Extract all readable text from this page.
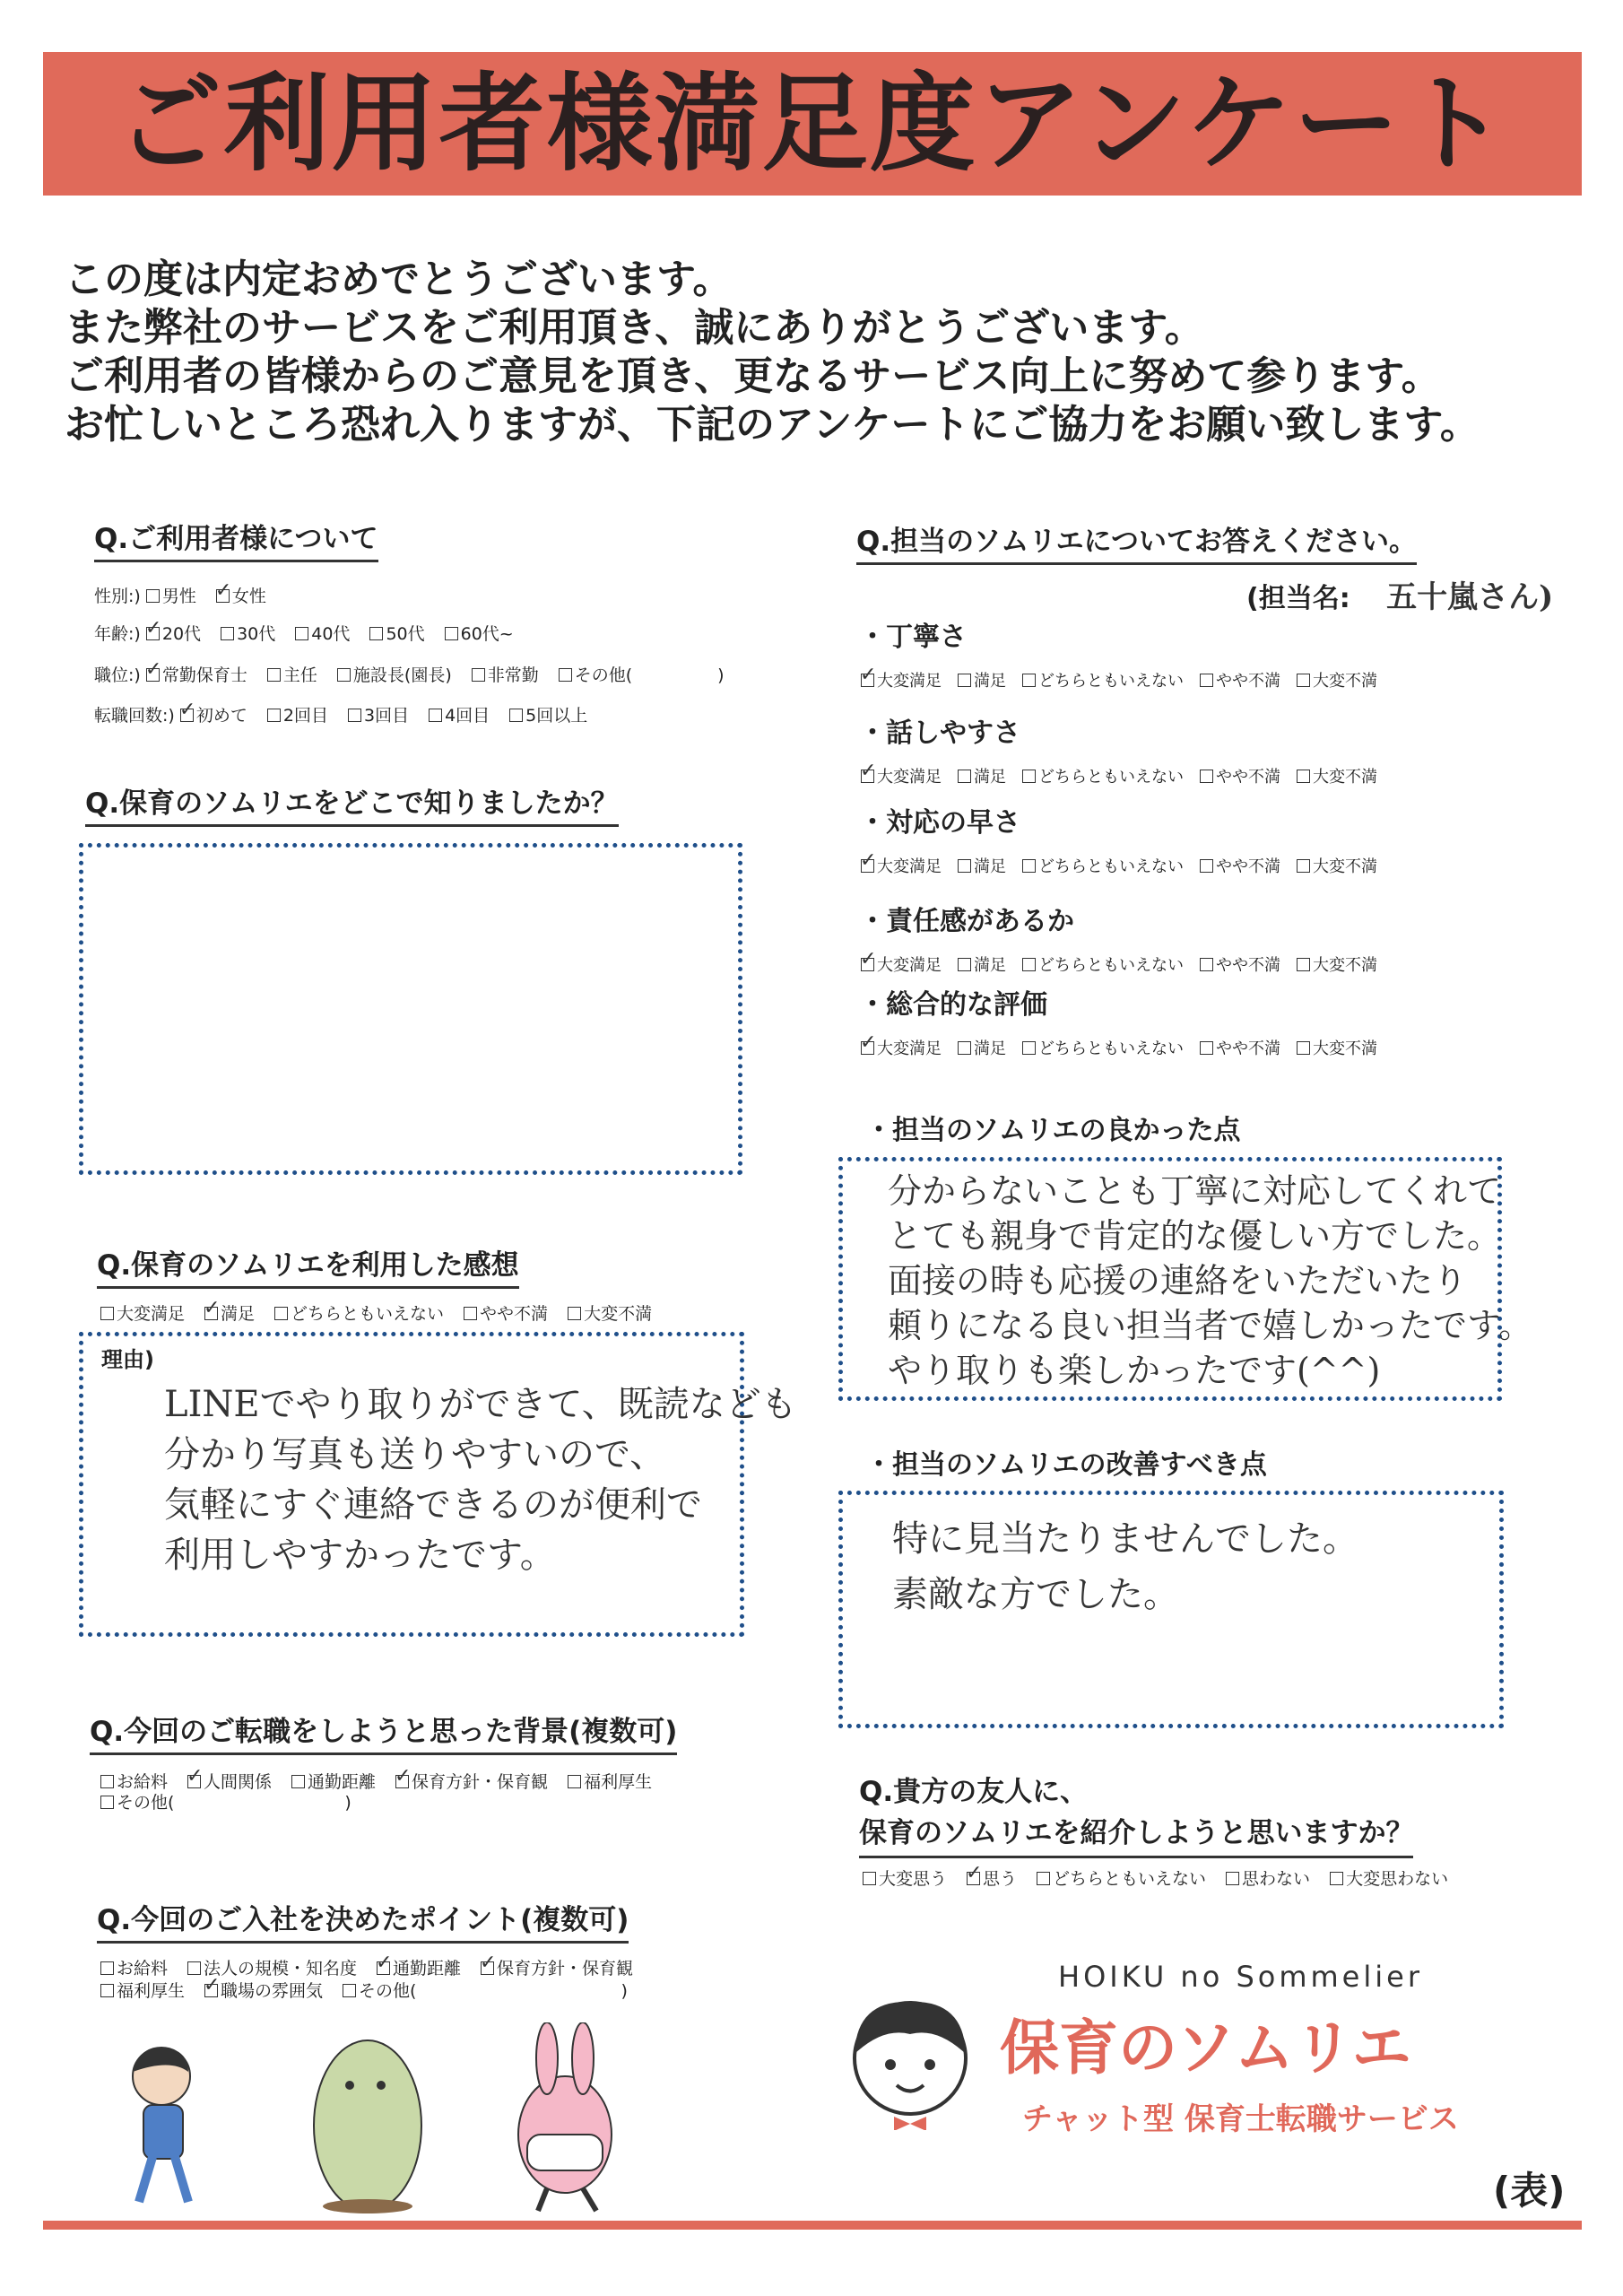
ご利用者様満足度アンケート
この度は内定おめでとうございます。
また弊社のサービスをご利用頂き、誠にありがとうございます。
ご利用者の皆様からのご意見を頂き、更なるサービス向上に努めて参ります。
お忙しいところ恐れ入りますが、下記のアンケートにご協力をお願い致します。
Q.ご利用者様について
性別:) 男性 ✓ 女性
年齢:) ✓ 20代 30代 40代 50代 60代~
職位:) ✓ 常勤保育士 主任 施設長(園長) 非常勤 その他(　　　　　)
転職回数:) ✓ 初めて 2回目 3回目 4回目 5回以上
Q.保育のソムリエをどこで知りましたか？
Q.保育のソムリエを利用した感想
大変満足 ✓ 満足 どちらともいえない やや不満 大変不満
理由)
LINEでやり取りができて、既読なども
分かり写真も送りやすいので、
気軽にすぐ連絡できるのが便利で
利用しやすかったです。
Q.今回のご転職をしようと思った背景(複数可)
お給料 ✓ 人間関係 通勤距離 ✓ 保育方針・保育観 福利厚生
その他(　　　　　　　　　　)
Q.今回のご入社を決めたポイント(複数可)
お給料 法人の規模・知名度 ✓ 通勤距離 ✓ 保育方針・保育観
福利厚生 ✓ 職場の雰囲気 その他(　　　　　　　　　　　　)
Q.担当のソムリエについてお答えください。
(担当名: 五十嵐さん)
・丁寧さ
✓大変満足 満足 どちらともいえない やや不満 大変不満
・話しやすさ
✓大変満足 満足 どちらともいえない やや不満 大変不満
・対応の早さ
✓大変満足 満足 どちらともいえない やや不満 大変不満
・責任感があるか
✓大変満足 満足 どちらともいえない やや不満 大変不満
・総合的な評価
✓大変満足 満足 どちらともいえない やや不満 大変不満
・担当のソムリエの良かった点
分からないことも丁寧に対応してくれて
とても親身で肯定的な優しい方でした。
面接の時も応援の連絡をいただいたり
頼りになる良い担当者で嬉しかったです。
やり取りも楽しかったです(^^)
・担当のソムリエの改善すべき点
特に見当たりませんでした。
素敵な方でした。
Q.貴方の友人に、
保育のソムリエを紹介しようと思いますか？
大変思う ✓ 思う どちらともいえない 思わない 大変思わない
HOIKU no Sommelier
保育のソムリエ
チャット型 保育士転職サービス
(表)
